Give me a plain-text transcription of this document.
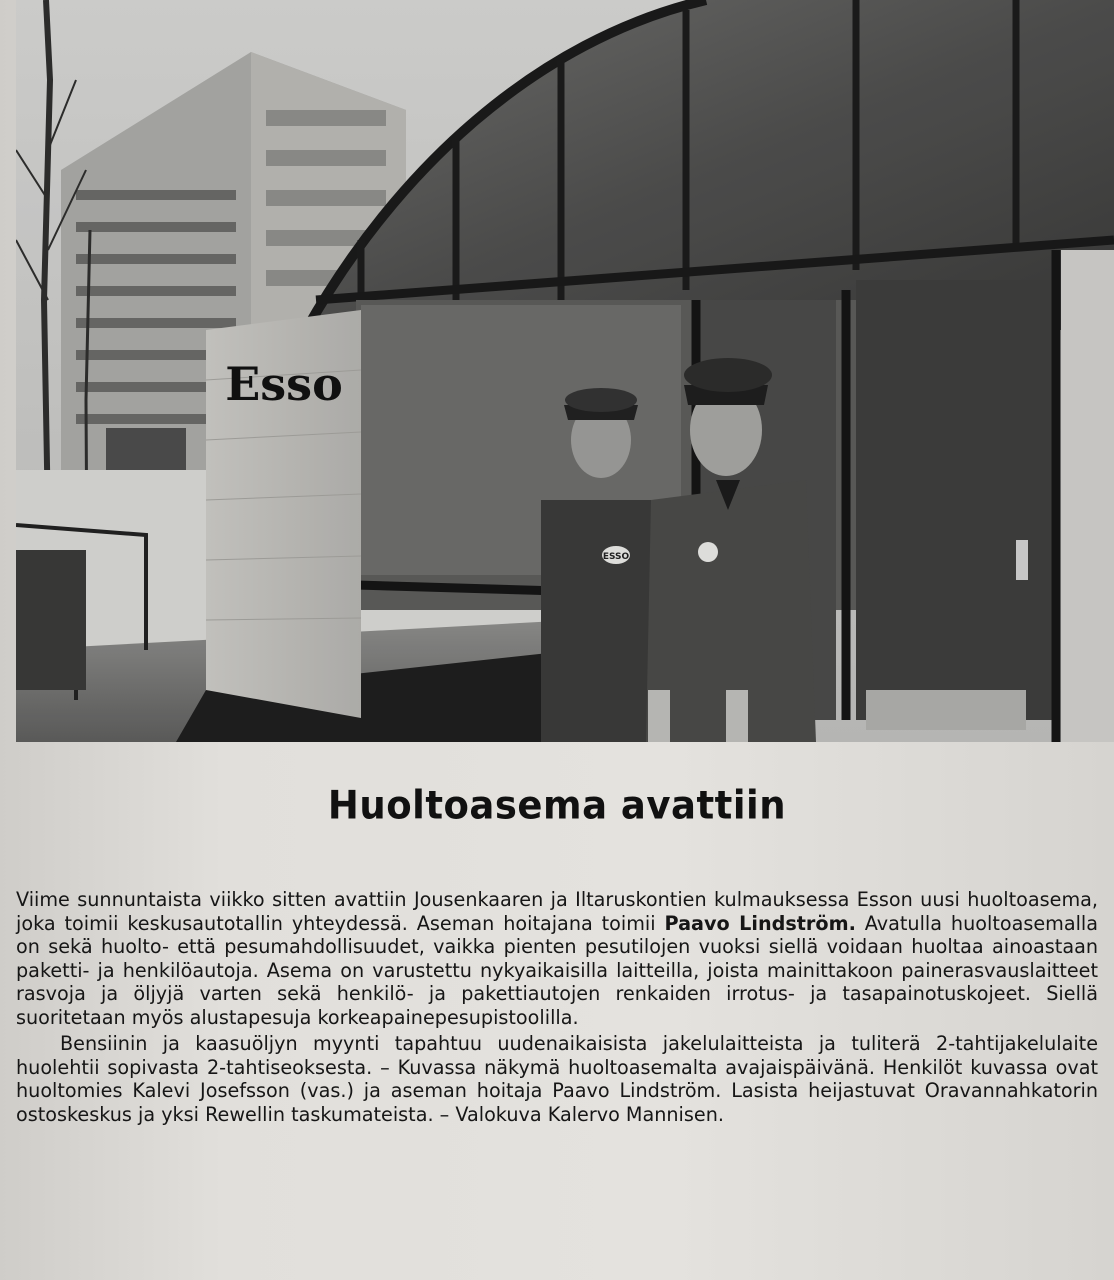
Esso
ESSO
Huoltoasema avattiin

Viime sunnuntaista viikko sitten avattiin Jousenkaaren ja Iltaruskontien kulmauksessa Esson uusi huoltoasema, joka toimii keskusautotallin yhteydessä. Aseman hoitajana toimii Paavo Lindström. Avatulla huoltoasemalla on sekä huolto- että pesumahdollisuudet, vaikka pienten pesutilojen vuoksi siellä voidaan huoltaa ainoastaan paketti- ja henkilöautoja. Asema on varustettu nykyaikaisilla laitteilla, joista mainittakoon painerasvauslaitteet rasvoja ja öljyjä varten sekä henkilö- ja pakettiautojen renkaiden irrotus- ja tasapainotuskojeet. Siellä suoritetaan myös alustapesuja korkeapainepesupistoolilla.

Bensiinin ja kaasuöljyn myynti tapahtuu uudenaikaisista jakelulaitteista ja tuliterä 2-tahtijakelulaite huolehtii sopivasta 2-tahtiseoksesta. – Kuvassa näkymä huoltoasemalta avajaispäivänä. Henkilöt kuvassa ovat huoltomies Kalevi Josefsson (vas.) ja aseman hoitaja Paavo Lindström. Lasista heijastuvat Oravannahkatorin ostoskeskus ja yksi Rewellin taskumateista. – Valokuva Kalervo Mannisen.
